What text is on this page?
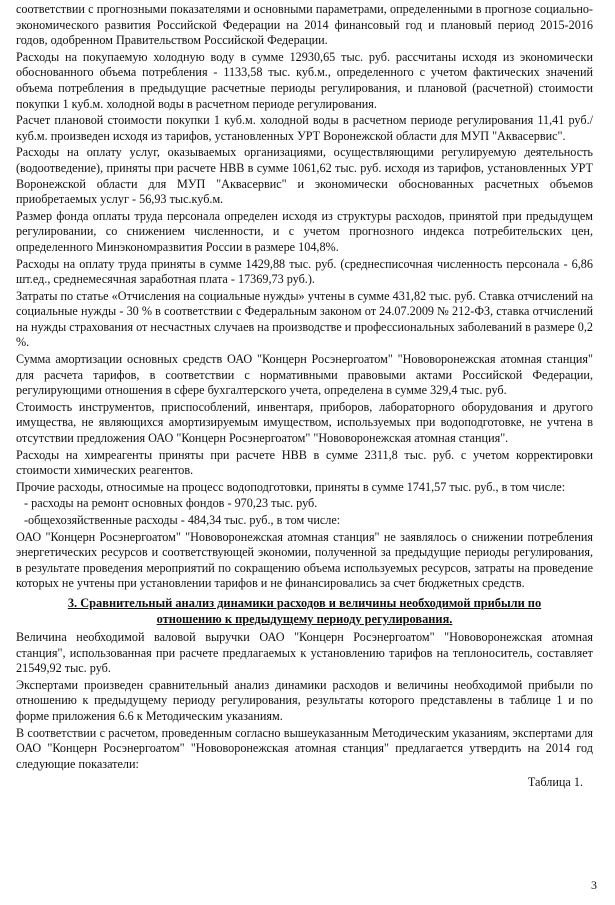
соответствии с прогнозными показателями и основными параметрами, определенными в прогнозе социально-экономического развития Российской Федерации на 2014 финансовый год и плановый период 2015-2016 годов, одобренном Правительством Российской Федерации.

Расходы на покупаемую холодную воду в сумме 12930,65 тыс. руб. рассчитаны исходя из экономически обоснованного объема потребления - 1133,58 тыс. куб.м., определенного с учетом фактических значений объема потребления в предыдущие расчетные периоды регулирования, и плановой (расчетной) стоимости покупки 1 куб.м. холодной воды в расчетном периоде регулирования.

Расчет плановой стоимости покупки 1 куб.м. холодной воды в расчетном периоде регулирования 11,41 руб./куб.м. произведен исходя из тарифов, установленных УРТ Воронежской области для МУП "Аквасервис".

Расходы на оплату услуг, оказываемых организациями, осуществляющими регулируемую деятельность (водоотведение), приняты при расчете НВВ в сумме 1061,62 тыс. руб. исходя из тарифов, установленных УРТ Воронежской области для МУП "Аквасервис" и экономически обоснованных расчетных объемов приобретаемых услуг - 56,93 тыс.куб.м.

Размер фонда оплаты труда персонала определен исходя из структуры расходов, принятой при предыдущем регулировании, со снижением численности, и с учетом прогнозного индекса потребительских цен, определенного Минэкономразвития России в размере 104,8%.

Расходы на оплату труда приняты в сумме 1429,88 тыс. руб. (среднесписочная численность персонала - 6,86 шт.ед., среднемесячная заработная плата - 17369,73 руб.).

Затраты по статье «Отчисления на социальные нужды» учтены в сумме 431,82 тыс. руб. Ставка отчислений на социальные нужды - 30 % в соответствии с Федеральным законом от 24.07.2009 № 212-ФЗ, ставка отчислений на нужды страхования от несчастных случаев на производстве и профессиональных заболеваний в размере 0,2 %.

Сумма амортизации основных средств ОАО "Концерн Росэнергоатом" "Нововоронежская атомная станция" для расчета тарифов, в соответствии с нормативными правовыми актами Российской Федерации, регулирующими отношения в сфере бухгалтерского учета, определена в сумме 329,4 тыс. руб.

Стоимость инструментов, приспособлений, инвентаря, приборов, лабораторного оборудования и другого имущества, не являющихся амортизируемым имуществом, используемых при водоподготовке, не учтена в отсутствии предложения ОАО "Концерн Росэнергоатом" "Нововоронежская атомная станция".

Расходы на химреагенты приняты при расчете НВВ в сумме 2311,8 тыс. руб. с учетом корректировки стоимости химических реагентов.

Прочие расходы, относимые на процесс водоподготовки, приняты в сумме 1741,57 тыс. руб., в том числе:

- расходы на ремонт основных фондов - 970,23 тыс. руб.

-общехозяйственные расходы - 484,34 тыс. руб., в том числе:

ОАО "Концерн Росэнергоатом" "Нововоронежская атомная станция" не заявлялось о снижении потребления энергетических ресурсов и соответствующей экономии, полученной за предыдущие периоды регулирования, в результате проведения мероприятий по сокращению объема используемых ресурсов, затраты на проведение которых не учтены при установлении тарифов и не финансировались за счет бюджетных средств.

3. Сравнительный анализ динамики расходов и величины необходимой прибыли по отношению к предыдущему периоду регулирования.

Величина необходимой валовой выручки ОАО "Концерн Росэнергоатом" "Нововоронежская атомная станция", использованная при расчете предлагаемых к установлению тарифов на теплоноситель, составляет 21549,92 тыс. руб.

Экспертами произведен сравнительный анализ динамики расходов и величины необходимой прибыли по отношению к предыдущему периоду регулирования, результаты которого представлены в таблице 1 и по форме приложения 6.6 к Методическим указаниям.

В соответствии с расчетом, проведенным согласно вышеуказанным Методическим указаниям, экспертами для ОАО "Концерн Росэнергоатом" "Нововоронежская атомная станция" предлагается утвердить на 2014 год следующие показатели:

Таблица 1.

3
